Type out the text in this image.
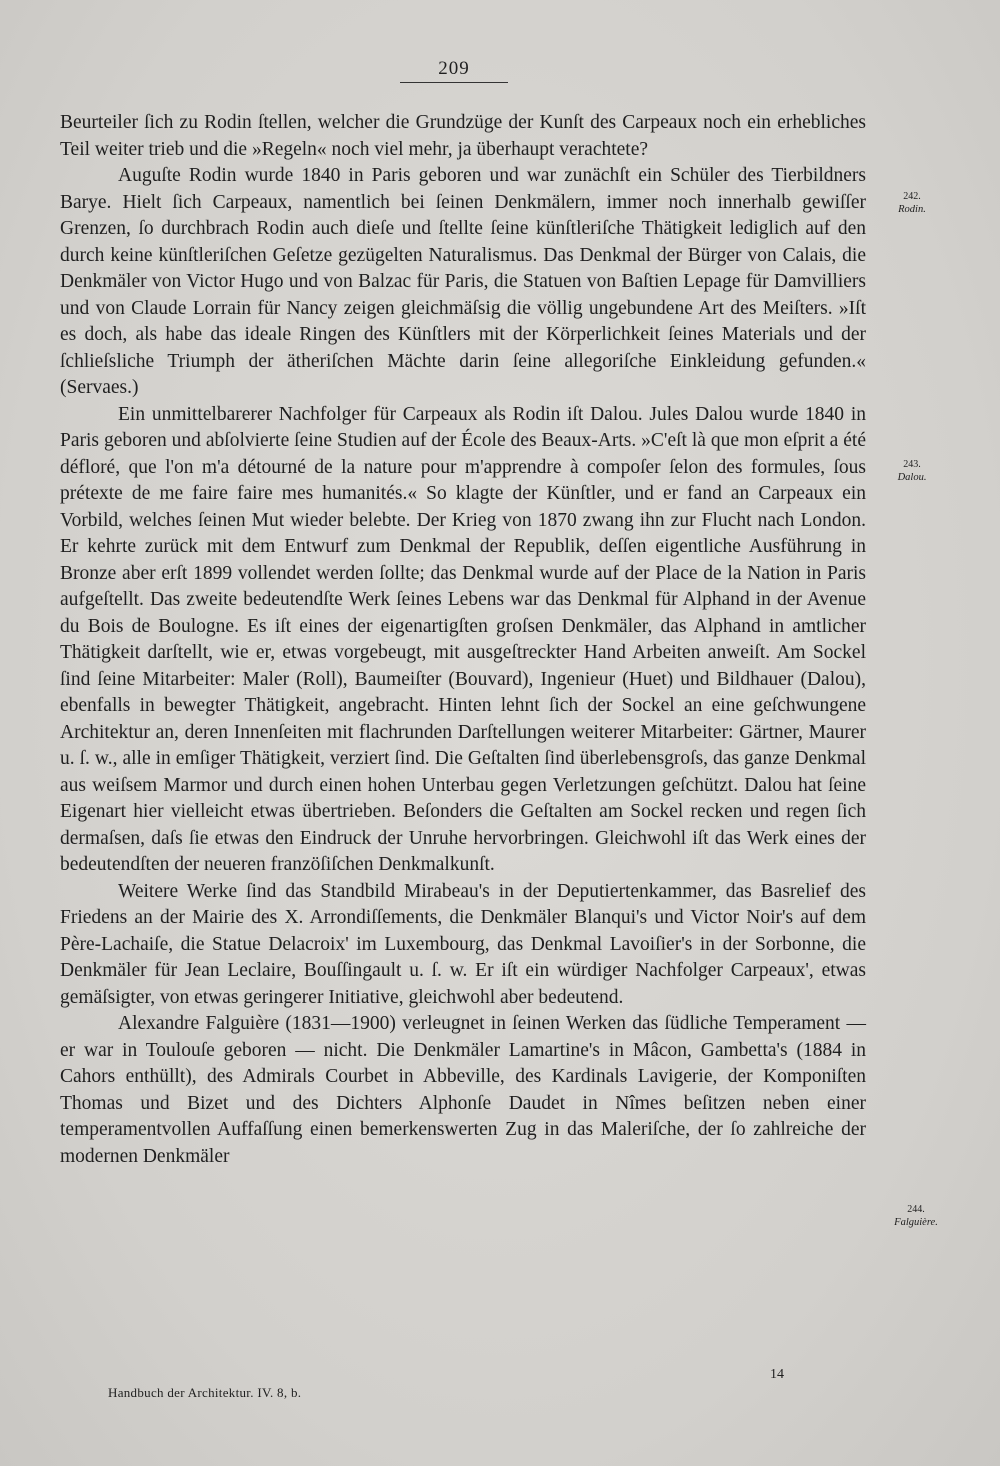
209

Beurteiler ſich zu Rodin ſtellen, welcher die Grundzüge der Kunſt des Carpeaux noch ein erhebliches Teil weiter trieb und die »Regeln« noch viel mehr, ja überhaupt verachtete?

Auguſte Rodin wurde 1840 in Paris geboren und war zunächſt ein Schüler des Tierbildners Barye. Hielt ſich Carpeaux, namentlich bei ſeinen Denkmälern, immer noch innerhalb gewiſſer Grenzen, ſo durchbrach Rodin auch dieſe und ſtellte ſeine künſtleriſche Thätigkeit lediglich auf den durch keine künſtleriſchen Geſetze gezügelten Naturalismus. Das Denkmal der Bürger von Calais, die Denkmäler von Victor Hugo und von Balzac für Paris, die Statuen von Baſtien Lepage für Damvilliers und von Claude Lorrain für Nancy zeigen gleichmäſsig die völlig ungebundene Art des Meiſters. »Iſt es doch, als habe das ideale Ringen des Künſtlers mit der Körperlichkeit ſeines Materials und der ſchlieſsliche Triumph der ätheriſchen Mächte darin ſeine allegoriſche Einkleidung gefunden.« (Servaes.)

Ein unmittelbarerer Nachfolger für Carpeaux als Rodin iſt Dalou. Jules Dalou wurde 1840 in Paris geboren und abſolvierte ſeine Studien auf der École des Beaux-Arts. »C'eſt là que mon eſprit a été défloré, que l'on m'a détourné de la nature pour m'apprendre à compoſer ſelon des formules, ſous prétexte de me faire faire mes humanités.« So klagte der Künſtler, und er fand an Carpeaux ein Vorbild, welches ſeinen Mut wieder belebte. Der Krieg von 1870 zwang ihn zur Flucht nach London. Er kehrte zurück mit dem Entwurf zum Denkmal der Republik, deſſen eigentliche Ausführung in Bronze aber erſt 1899 vollendet werden ſollte; das Denkmal wurde auf der Place de la Nation in Paris aufgeſtellt. Das zweite bedeutendſte Werk ſeines Lebens war das Denkmal für Alphand in der Avenue du Bois de Boulogne. Es iſt eines der eigenartigſten groſsen Denkmäler, das Alphand in amtlicher Thätigkeit darſtellt, wie er, etwas vorgebeugt, mit ausgeſtreckter Hand Arbeiten anweiſt. Am Sockel ſind ſeine Mitarbeiter: Maler (Roll), Baumeiſter (Bouvard), Ingenieur (Huet) und Bildhauer (Dalou), ebenfalls in bewegter Thätigkeit, angebracht. Hinten lehnt ſich der Sockel an eine geſchwungene Architektur an, deren Innenſeiten mit flachrunden Darſtellungen weiterer Mitarbeiter: Gärtner, Maurer u. ſ. w., alle in emſiger Thätigkeit, verziert ſind. Die Geſtalten ſind überlebensgroſs, das ganze Denkmal aus weiſsem Marmor und durch einen hohen Unterbau gegen Verletzungen geſchützt. Dalou hat ſeine Eigenart hier vielleicht etwas übertrieben. Beſonders die Geſtalten am Sockel recken und regen ſich dermaſsen, daſs ſie etwas den Eindruck der Unruhe hervorbringen. Gleichwohl iſt das Werk eines der bedeutendſten der neueren franzöſiſchen Denkmalkunſt.

Weitere Werke ſind das Standbild Mirabeau's in der Deputiertenkammer, das Basrelief des Friedens an der Mairie des X. Arrondiſſements, die Denkmäler Blanqui's und Victor Noir's auf dem Père-Lachaiſe, die Statue Delacroix' im Luxembourg, das Denkmal Lavoiſier's in der Sorbonne, die Denkmäler für Jean Leclaire, Bouſſingault u. ſ. w. Er iſt ein würdiger Nachfolger Carpeaux', etwas gemäſsigter, von etwas geringerer Initiative, gleichwohl aber bedeutend.

Alexandre Falguière (1831—1900) verleugnet in ſeinen Werken das ſüdliche Temperament — er war in Toulouſe geboren — nicht. Die Denkmäler Lamartine's in Mâcon, Gambetta's (1884 in Cahors enthüllt), des Admirals Courbet in Abbeville, des Kardinals Lavigerie, der Komponiſten Thomas und Bizet und des Dichters Alphonſe Daudet in Nîmes beſitzen neben einer temperamentvollen Auffaſſung einen bemerkenswerten Zug in das Maleriſche, der ſo zahlreiche der modernen Denkmäler

242.
Rodin.
243.
Dalou.
244.
Falguière.
14
Handbuch der Architektur. IV. 8, b.
